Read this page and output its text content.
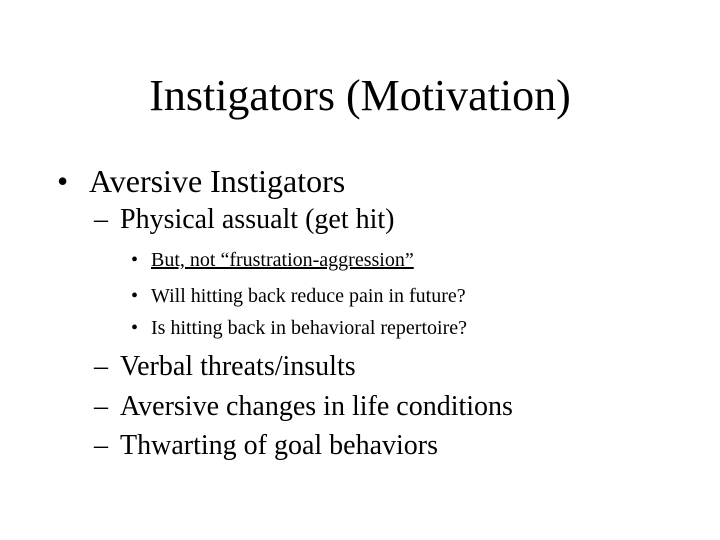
Instigators (Motivation)
• Aversive Instigators
– Physical assualt (get hit)
• But, not “frustration-aggression”
• Will hitting back reduce pain in future?
• Is hitting back in behavioral repertoire?
– Verbal threats/insults
– Aversive changes in life conditions
– Thwarting of goal behaviors
